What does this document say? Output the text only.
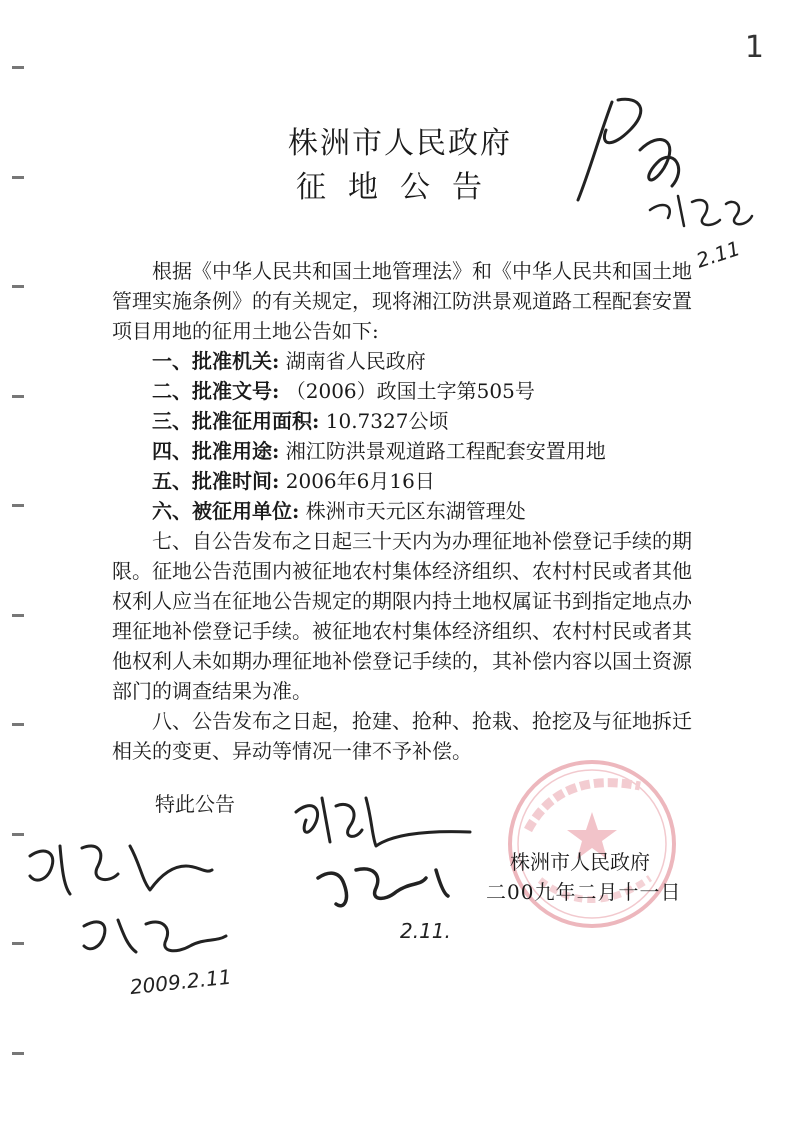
1
株洲市人民政府
征地公告

根据《中华人民共和国土地管理法》和《中华人民共和国土地管理实施条例》的有关规定，现将湘江防洪景观道路工程配套安置项目用地的征用土地公告如下:

一、批准机关: 湖南省人民政府

二、批准文号: （2006）政国土字第505号

三、批准征用面积: 10.7327公顷

四、批准用途: 湘江防洪景观道路工程配套安置用地

五、批准时间: 2006年6月16日

六、被征用单位: 株洲市天元区东湖管理处

七、自公告发布之日起三十天内为办理征地补偿登记手续的期限。征地公告范围内被征地农村集体经济组织、农村村民或者其他权利人应当在征地公告规定的期限内持土地权属证书到指定地点办理征地补偿登记手续。被征地农村集体经济组织、农村村民或者其他权利人未如期办理征地补偿登记手续的，其补偿内容以国土资源部门的调查结果为准。

八、公告发布之日起，抢建、抢种、抢栽、抢挖及与征地拆迁相关的变更、异动等情况一律不予补偿。

特此公告
株洲市人民政府
二00九年二月十一日
2.11
2.11.
2009.2.11
